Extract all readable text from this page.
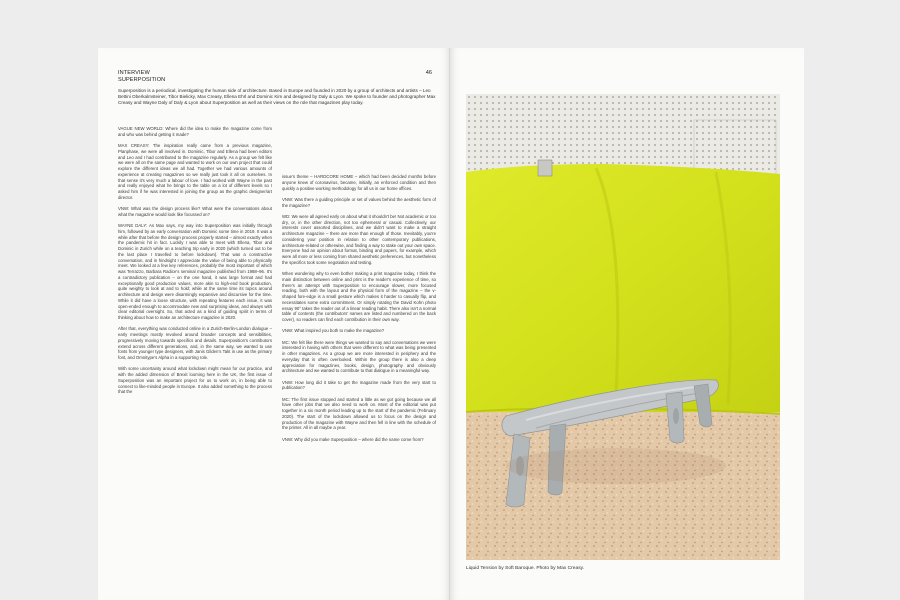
INTERVIEW
SUPERPOSITION
46
Superposition is a periodical, investigating the human side of architecture. Based in Europe and founded in 2020 by a group of architects and artists – Leo Bettini Oberkalmsteiner, Tibor Bielicky, Max Creasy, Ellena Ehrl and Dominic Kim and designed by Daly & Lyon. We spoke to founder and photographer Max Creasy and Wayne Daly of Daly & Lyon about Superposition as well as their views on the role that magazines play today.

VAGUE NEW WORLD: Where did the idea to make the magazine come from and who was behind getting it made?

MAX CREASY: The inspiration really came from a previous magazine, Planphase, we were all involved in. Dominic, Tibor and Ellena had been editors and Leo and I had contributed to the magazine regularly. As a group we felt like we were all on the same page and wanted to work on our own project that could explore the different ideas we all had. Together we had various amounts of experience at creating magazines so we really just took it all on ourselves. In that sense it's very much a labour of love. I had worked with Wayne in the past and really enjoyed what he brings to the table on a lot of different levels so I asked him if he was interested in joining the group as the graphic designer/art director.

VNW: What was the design process like? What were the conversations about what the magazine would look like focussed on?

WAYNE DALY: As Max says, my way into Superposition was initially through him, followed by an early conversation with Dominic some time in 2019. It was a while after that before the design process properly started – almost exactly when the pandemic hit in fact. Luckily I was able to meet with Ellena, Tibor and Dominic in Zurich while on a teaching trip early in 2020 (which turned out to be the last place I travelled to before lockdown). That was a constructive conversation, and in hindsight I appreciate the value of being able to physically meet. We looked at a few key references, probably the most important of which was Terrazzo, Barbara Radice's seminal magazine published from 1988–96. It's a contradictory publication – on the one hand, it was large format and had exceptionally good production values, more akin to high-end book production, quite weighty to look at and to hold; while at the same time its topics around architecture and design were disarmingly expansive and discursive for the time. While it did have a loose structure, with repeating features each issue, it was open-ended enough to accommodate new and surprising ideas, and always with clear editorial oversight. So, that acted as a kind of guiding spirit in terms of thinking about how to make an architecture magazine in 2020.

After that, everything was conducted online in a Zurich-Berlin-London dialogue – early meetings mostly revolved around broader concepts and sensibilities, progressively moving towards specifics and details. Superposition's contributors extend across different generations, and, in the same way, we wanted to use fonts from younger type designers, with Janis Gilden's Takt in use as the primary font, and Omnitype's Alpha in a supporting role.

With some uncertainty around what lockdown might mean for our practice, and with the added dimension of Brexit looming here in the UK, the first issue of Superposition was an important project for us to work on, in being able to connect to like-minded people in Europe. It also added something to the process that the

issue's theme – HARDCORE HOME – which had been decided months before anyone knew of coronavirus, became, initially, an enforced condition and then quickly a positive working methodology for all us in our home offices.

VNW: Was there a guiding principle or set of values behind the aesthetic form of the magazine?

WD: We were all agreed early on about what it shouldn't be! Not academic or too dry, or, in the other direction, not too ephemeral or casual. Collectively, our interests cover assorted disciplines, and we didn't want to make a straight architecture magazine – there are more than enough of those. Inevitably, you're considering your position in relation to other contemporary publications, architecture-related or otherwise, and finding a way to stake out your own space. Everyone had an opinion about format, binding and papers, for example, which were all more or less coming from shared aesthetic preferences, but nonetheless the specifics took some negotiation and testing.

When wondering why to even bother making a print magazine today, I think the main distinction between online and print is the reader's experience of time, so there's an attempt with Superposition to encourage slower, more focused reading, both with the layout and the physical form of the magazine – the v-shaped fore-edge is a small gesture which makes it harder to casually flip, and necessitates some extra commitment. Or simply rotating the David Kohn photo essay 90° takes the reader out of a linear reading habit. There also isn't a normal table of contents (the contributors' names are listed and numbered on the back cover), so readers can find each contribution in their own way.

VNW: What inspired you both to make the magazine?

MC: We felt like there were things we wanted to say and conversations we were interested in having with others that were different to what was being presented in other magazines. As a group we are more interested in periphery and the everyday that is often overlooked. Within the group there is also a deep appreciation for magazines, books, design, photography and obviously architecture and we wanted to contribute to that dialogue in a meaningful way.

VNW: How long did it take to get the magazine made from the very start to publication?

MC: The first issue stopped and started a little as we got going because we all have other jobs that we also need to work on. Most of the editorial was put together in a six month period leading up to the start of the pandemic (February 2020). The start of the lockdown allowed us to focus on the design and production of the magazine with Wayne and then fell in line with the schedule of the printer. All in all maybe a year.

VNW: Why did you make Superposition – where did the name come from?

Liquid Tension by Soft Baroque. Photo by Max Creasy.
